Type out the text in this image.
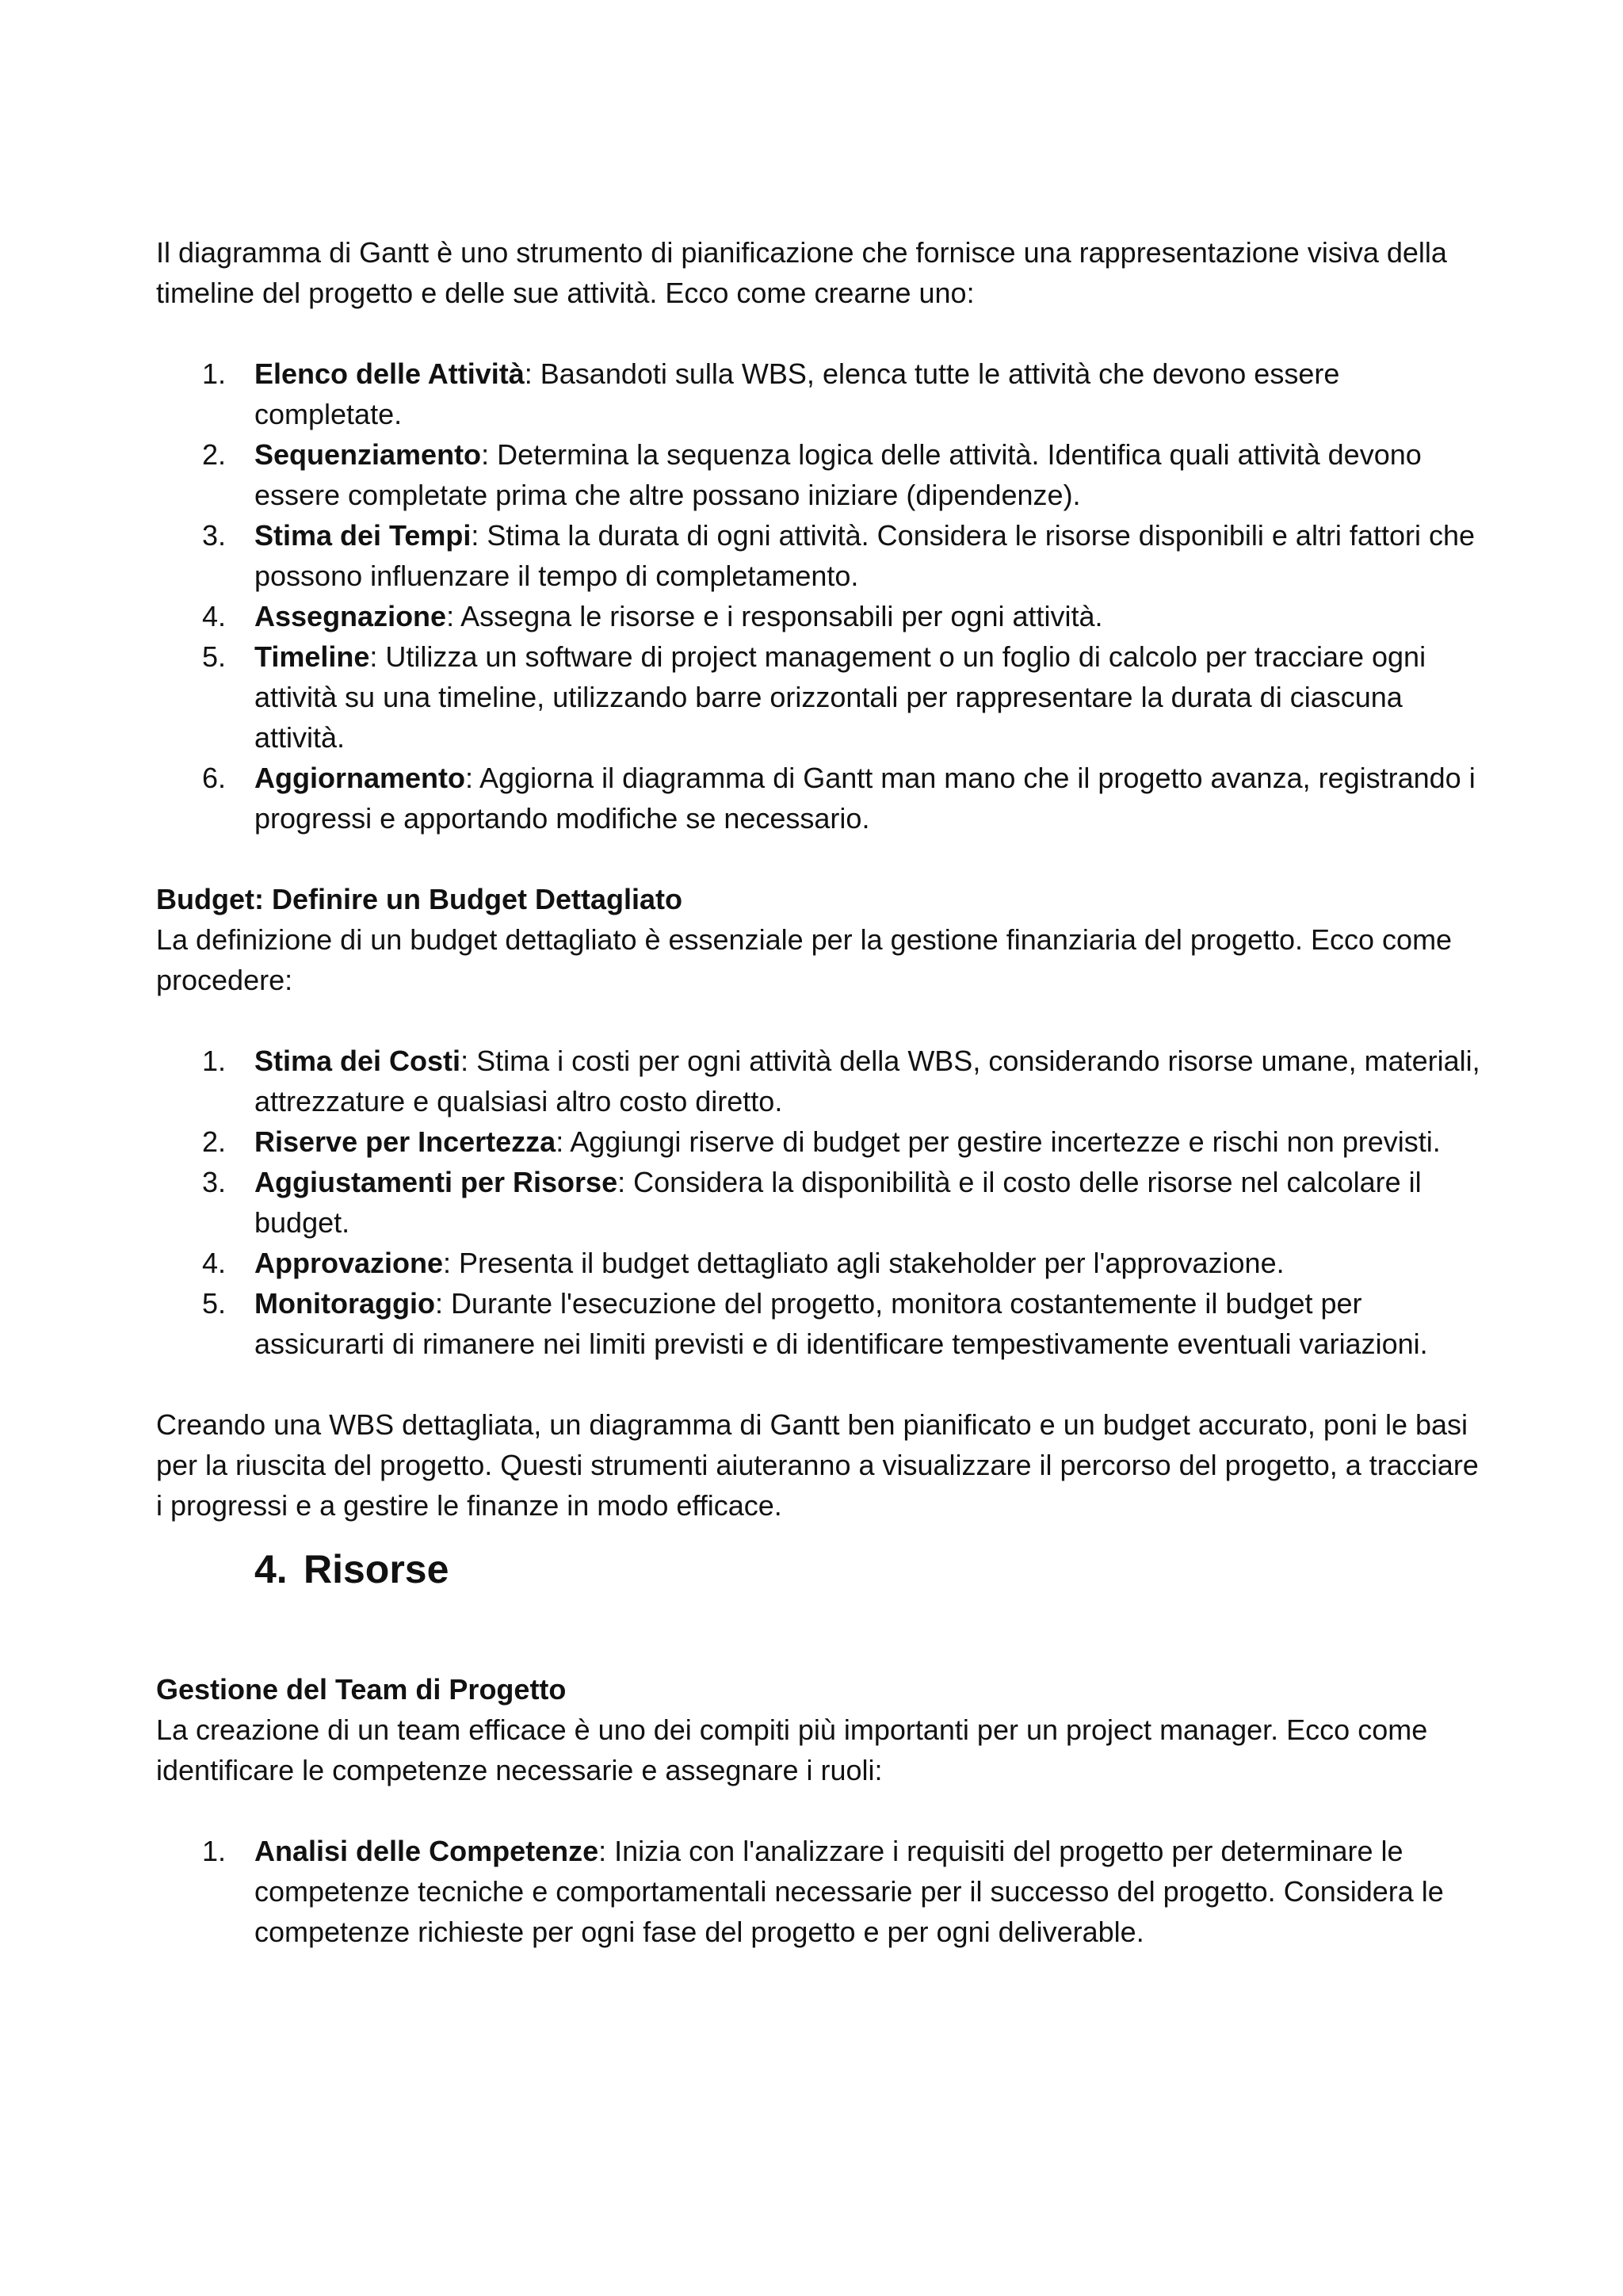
Il diagramma di Gantt è uno strumento di pianificazione che fornisce una rappresentazione visiva della timeline del progetto e delle sue attività. Ecco come crearne uno:

1. Elenco delle Attività: Basandoti sulla WBS, elenca tutte le attività che devono essere completate.
2. Sequenziamento: Determina la sequenza logica delle attività. Identifica quali attività devono essere completate prima che altre possano iniziare (dipendenze).
3. Stima dei Tempi: Stima la durata di ogni attività. Considera le risorse disponibili e altri fattori che possono influenzare il tempo di completamento.
4. Assegnazione: Assegna le risorse e i responsabili per ogni attività.
5. Timeline: Utilizza un software di project management o un foglio di calcolo per tracciare ogni attività su una timeline, utilizzando barre orizzontali per rappresentare la durata di ciascuna attività.
6. Aggiornamento: Aggiorna il diagramma di Gantt man mano che il progetto avanza, registrando i progressi e apportando modifiche se necessario.

Budget: Definire un Budget Dettagliato

La definizione di un budget dettagliato è essenziale per la gestione finanziaria del progetto. Ecco come procedere:

1. Stima dei Costi: Stima i costi per ogni attività della WBS, considerando risorse umane, materiali, attrezzature e qualsiasi altro costo diretto.
2. Riserve per Incertezza: Aggiungi riserve di budget per gestire incertezze e rischi non previsti.
3. Aggiustamenti per Risorse: Considera la disponibilità e il costo delle risorse nel calcolare il budget.
4. Approvazione: Presenta il budget dettagliato agli stakeholder per l'approvazione.
5. Monitoraggio: Durante l'esecuzione del progetto, monitora costantemente il budget per assicurarti di rimanere nei limiti previsti e di identificare tempestivamente eventuali variazioni.

Creando una WBS dettagliata, un diagramma di Gantt ben pianificato e un budget accurato, poni le basi per la riuscita del progetto. Questi strumenti aiuteranno a visualizzare il percorso del progetto, a tracciare i progressi e a gestire le finanze in modo efficace.

4. Risorse

Gestione del Team di Progetto

La creazione di un team efficace è uno dei compiti più importanti per un project manager. Ecco come identificare le competenze necessarie e assegnare i ruoli:

1. Analisi delle Competenze: Inizia con l'analizzare i requisiti del progetto per determinare le competenze tecniche e comportamentali necessarie per il successo del progetto. Considera le competenze richieste per ogni fase del progetto e per ogni deliverable.
